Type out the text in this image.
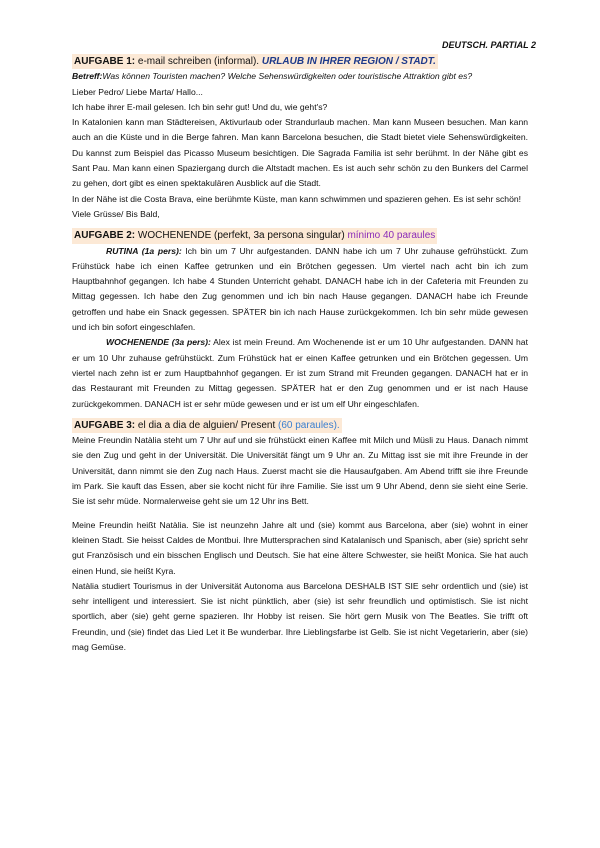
DEUTSCH. PARTIAL 2
AUFGABE 1: e-mail schreiben (informal). URLAUB IN IHRER REGION / STADT.

Betreff:Was können Touristen machen? Welche Sehenswürdigkeiten oder touristische Attraktion gibt es?

Lieber Pedro/ Liebe Marta/ Hallo...

Ich habe ihrer E-mail gelesen. Ich bin sehr gut! Und du, wie geht's?

In Katalonien kann man Städtereisen, Aktivurlaub oder Strandurlaub machen. Man kann Museen besuchen. Man kann auch an die Küste und in die Berge fahren. Man kann Barcelona besuchen, die Stadt bietet viele Sehenswürdigkeiten. Du kannst zum Beispiel das Picasso Museum besichtigen. Die Sagrada Familia ist sehr berühmt. In der Nähe gibt es Sant Pau. Man kann einen Spaziergang durch die Altstadt machen. Es ist auch sehr schön zu den Bunkers del Carmel zu gehen, dort gibt es einen spektakulären Ausblick auf die Stadt.

In der Nähe ist die Costa Brava, eine berühmte Küste, man kann schwimmen und spazieren gehen. Es ist sehr schön!

Viele Grüsse/ Bis Bald,

AUFGABE 2: WOCHENENDE (perfekt, 3a persona singular) mínimo 40 paraules

RUTINA (1a pers): Ich bin um 7 Uhr aufgestanden. DANN habe ich um 7 Uhr zuhause gefrühstückt. Zum Frühstück habe ich einen Kaffee getrunken und ein Brötchen gegessen. Um viertel nach acht bin ich zum Hauptbahnhof gegangen. Ich habe 4 Stunden Unterricht gehabt. DANACH habe ich in der Cafeteria mit Freunden zu Mittag gegessen. Ich habe den Zug genommen und ich bin nach Hause gegangen. DANACH habe ich Freunde getroffen und habe ein Snack gegessen. SPÄTER bin ich nach Hause zurückgekommen. Ich bin sehr müde gewesen und ich bin sofort eingeschlafen.

WOCHENENDE (3a pers): Alex ist mein Freund. Am Wochenende ist er um 10 Uhr aufgestanden. DANN hat er um 10 Uhr zuhause gefrühstückt. Zum Frühstück hat er einen Kaffee getrunken und ein Brötchen gegessen. Um viertel nach zehn ist er zum Hauptbahnhof gegangen. Er ist zum Strand mit Freunden gegangen. DANACH hat er in das Restaurant mit Freunden zu Mittag gegessen. SPÄTER hat er den Zug genommen und er ist nach Hause zurückgekommen. DANACH ist er sehr müde gewesen und er ist um elf Uhr eingeschlafen.

AUFGABE 3: el dia a dia de alguien/ Present (60 paraules).

Meine Freundin Natàlia steht um 7 Uhr auf und sie frühstückt einen Kaffee mit Milch und Müsli zu Haus. Danach nimmt sie den Zug und geht in der Universität. Die Universität fängt um 9 Uhr an. Zu Mittag isst sie mit ihre Freunde in der Universität, dann nimmt sie den Zug nach Haus. Zuerst macht sie die Hausaufgaben. Am Abend trifft sie ihre Freunde im Park. Sie kauft das Essen, aber sie kocht nicht für ihre Familie. Sie isst um 9 Uhr Abend, denn sie sieht eine Serie. Sie ist sehr müde. Normalerweise geht sie um 12 Uhr ins Bett.

Meine Freundin heißt Natàlia. Sie ist neunzehn Jahre alt und (sie) kommt aus Barcelona, aber (sie) wohnt in einer kleinen Stadt. Sie heisst Caldes de Montbui. Ihre Muttersprachen sind Katalanisch und Spanisch, aber (sie) spricht sehr gut Französisch und ein bisschen Englisch und Deutsch. Sie hat eine ältere Schwester, sie heißt Monica. Sie hat auch einen Hund, sie heißt Kyra.

Natàlia studiert Tourismus in der Universität Autonoma aus Barcelona DESHALB IST SIE sehr ordentlich und (sie) ist sehr intelligent und interessiert. Sie ist nicht pünktlich, aber (sie) ist sehr freundlich und optimistisch. Sie ist nicht sportlich, aber (sie) geht gerne spazieren. Ihr Hobby ist reisen. Sie hört gern Musik von The Beatles. Sie trifft oft Freundin, und (sie) findet das Lied Let it Be wunderbar. Ihre Lieblingsfarbe ist Gelb. Sie ist nicht Vegetarierin, aber (sie) mag Gemüse.
